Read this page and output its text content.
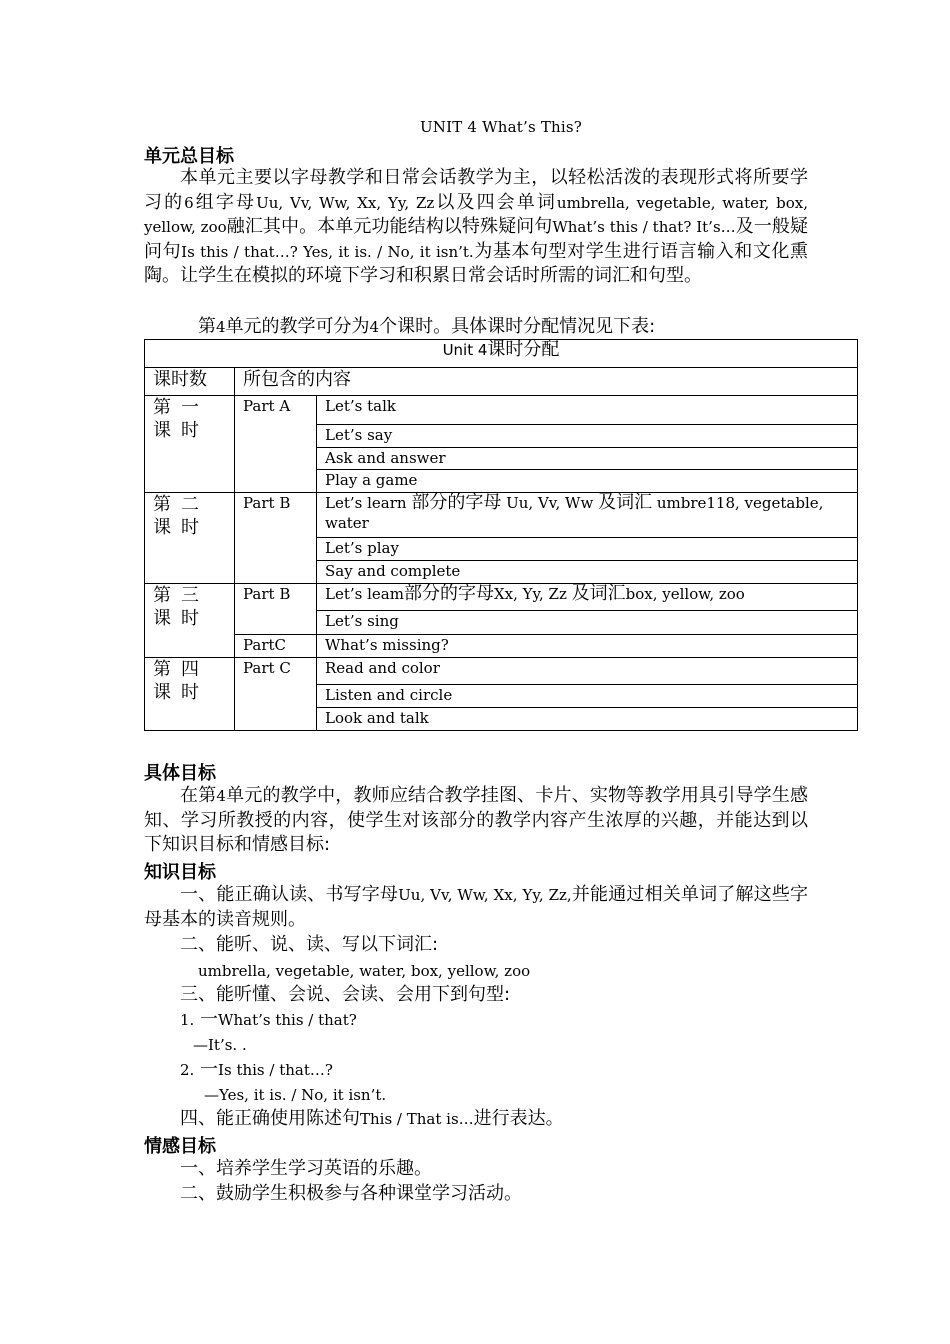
UNIT 4 What’s This?
单元总目标
本单元主要以字母教学和日常会话教学为主，以轻松活泼的表现形式将所要学习的6组字母Uu, Vv, Ww, Xx, Yy, Zz以及四会单词umbrella, vegetable, water, box, yellow, zoo融汇其中。本单元功能结构以特殊疑问句What’s this / that? It’s…及一般疑问句Is this / that…? Yes, it is. / No, it isn’t.为基本句型对学生进行语言输入和文化熏陶。让学生在模拟的环境下学习和积累日常会话时所需的词汇和句型。
第4单元的教学可分为4个课时。具体课时分配情况见下表:
Unit 4课时分配		
课时数	所包含的内容	
第一课时	Part A	Let’s talk
		Let’s say
		Ask and answer
		Play a game
第二课时	Part B	Let’s learn 部分的字母 Uu, Vv, Ww 及词汇 umbre118, vegetable, water
		Let’s play
		Say and complete
第三课时	Part B	Let’s leam部分的字母Xx, Yy, Zz 及词汇box, yellow, zoo
		Let’s sing
	PartC	What’s missing?
第四课时	Part C	Read and color
		Listen and circle
		Look and talk
具体目标
在第4单元的教学中，教师应结合教学挂图、卡片、实物等教学用具引导学生感知、学习所教授的内容，使学生对该部分的教学内容产生浓厚的兴趣，并能达到以下知识目标和情感目标:
知识目标
一、能正确认读、书写字母Uu, Vv, Ww, Xx, Yy, Zz,并能通过相关单词了解这些字母基本的读音规则。
二、能听、说、读、写以下词汇:
umbrella, vegetable, water, box, yellow, zoo
三、能听懂、会说、会读、会用下到句型:
1. 一What’s this / that?
—It’s. .
2. 一Is this / that…?
—Yes, it is. / No, it isn’t.
四、能正确使用陈述句This / That is…进行表达。
情感目标
一、培养学生学习英语的乐趣。
二、鼓励学生积极参与各种课堂学习活动。
